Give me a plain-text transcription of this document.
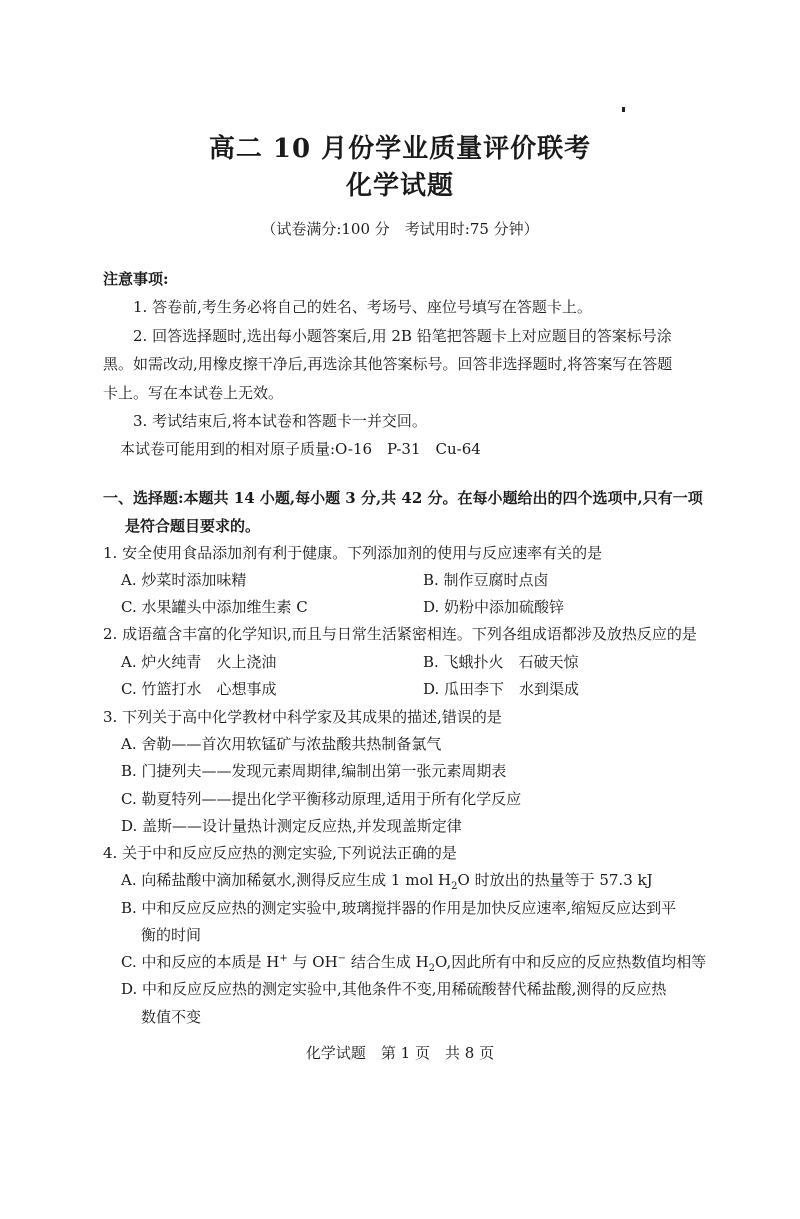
高二 10 月份学业质量评价联考
化学试题
（试卷满分:100 分　考试用时:75 分钟）
注意事项:
1. 答卷前,考生务必将自己的姓名、考场号、座位号填写在答题卡上。
2. 回答选择题时,选出每小题答案后,用 2B 铅笔把答题卡上对应题目的答案标号涂
黑。如需改动,用橡皮擦干净后,再选涂其他答案标号。回答非选择题时,将答案写在答题
卡上。写在本试卷上无效。
3. 考试结束后,将本试卷和答题卡一并交回。
本试卷可能用到的相对原子质量:O-16　P-31　Cu-64
一、选择题:本题共 14 小题,每小题 3 分,共 42 分。在每小题给出的四个选项中,只有一项
是符合题目要求的。
1. 安全使用食品添加剂有利于健康。下列添加剂的使用与反应速率有关的是
A. 炒菜时添加味精	B. 制作豆腐时点卤
C. 水果罐头中添加维生素 C	D. 奶粉中添加硫酸锌
2. 成语蕴含丰富的化学知识,而且与日常生活紧密相连。下列各组成语都涉及放热反应的是
A. 炉火纯青　火上浇油	B. 飞蛾扑火　石破天惊
C. 竹篮打水　心想事成	D. 瓜田李下　水到渠成
3. 下列关于高中化学教材中科学家及其成果的描述,错误的是
A. 舍勒——首次用软锰矿与浓盐酸共热制备氯气
B. 门捷列夫——发现元素周期律,编制出第一张元素周期表
C. 勒夏特列——提出化学平衡移动原理,适用于所有化学反应
D. 盖斯——设计量热计测定反应热,并发现盖斯定律
4. 关于中和反应反应热的测定实验,下列说法正确的是
A. 向稀盐酸中滴加稀氨水,测得反应生成 1 mol $H_2O$ 时放出的热量等于 57.3 kJ
B. 中和反应反应热的测定实验中,玻璃搅拌器的作用是加快反应速率,缩短反应达到平
衡的时间
C. 中和反应的本质是 H+ 与 OH− 结合生成 $H_2O$,因此所有中和反应的反应热数值均相等
D. 中和反应反应热的测定实验中,其他条件不变,用稀硫酸替代稀盐酸,测得的反应热
数值不变
化学试题　第 1 页　共 8 页
